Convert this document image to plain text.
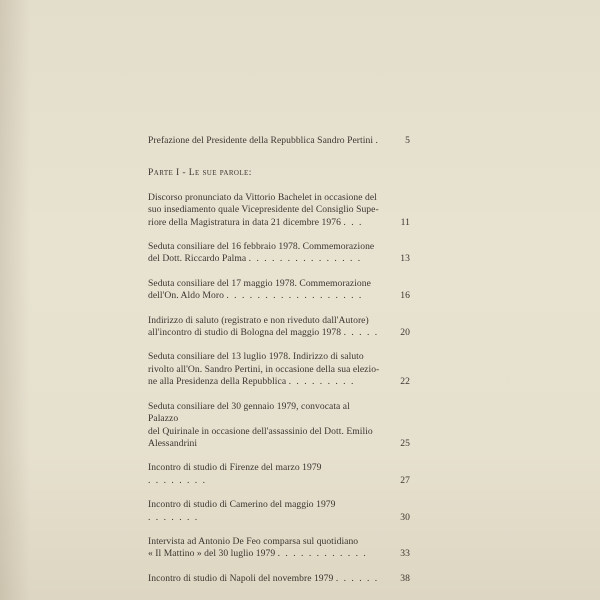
Prefazione del Presidente della Repubblica Sandro Pertini .	5
Parte I - Le sue parole:
Discorso pronunciato da Vittorio Bachelet in occasione del
suo insediamento quale Vicepresidente del Consiglio Supe-
riore della Magistratura in data 21 dicembre 1976 . . .	11
Seduta consiliare del 16 febbraio 1978. Commemorazione
del Dott. Riccardo Palma . . . . . . . . . . . . . . .	13
Seduta consiliare del 17 maggio 1978. Commemorazione
dell'On. Aldo Moro . . . . . . . . . . . . . . . . . .	16
Indirizzo di saluto (registrato e non riveduto dall'Autore)
all'incontro di studio di Bologna del maggio 1978 . . . . .	20
Seduta consiliare del 13 luglio 1978. Indirizzo di saluto
rivolto all'On. Sandro Pertini, in occasione della sua elezio-
ne alla Presidenza della Repubblica . . . . . . . . .	22
Seduta consiliare del 30 gennaio 1979, convocata al Palazzo
del Quirinale in occasione dell'assassinio del Dott. Emilio
Alessandrini	25
Incontro di studio di Firenze del marzo 1979 . . . . . . . .	27
Incontro di studio di Camerino del maggio 1979 . . . . . . .	30
Intervista ad Antonio De Feo comparsa sul quotidiano
« Il Mattino » del 30 luglio 1979 . . . . . . . . . . . .	33
Incontro di studio di Napoli del novembre 1979 . . . . . .	38
